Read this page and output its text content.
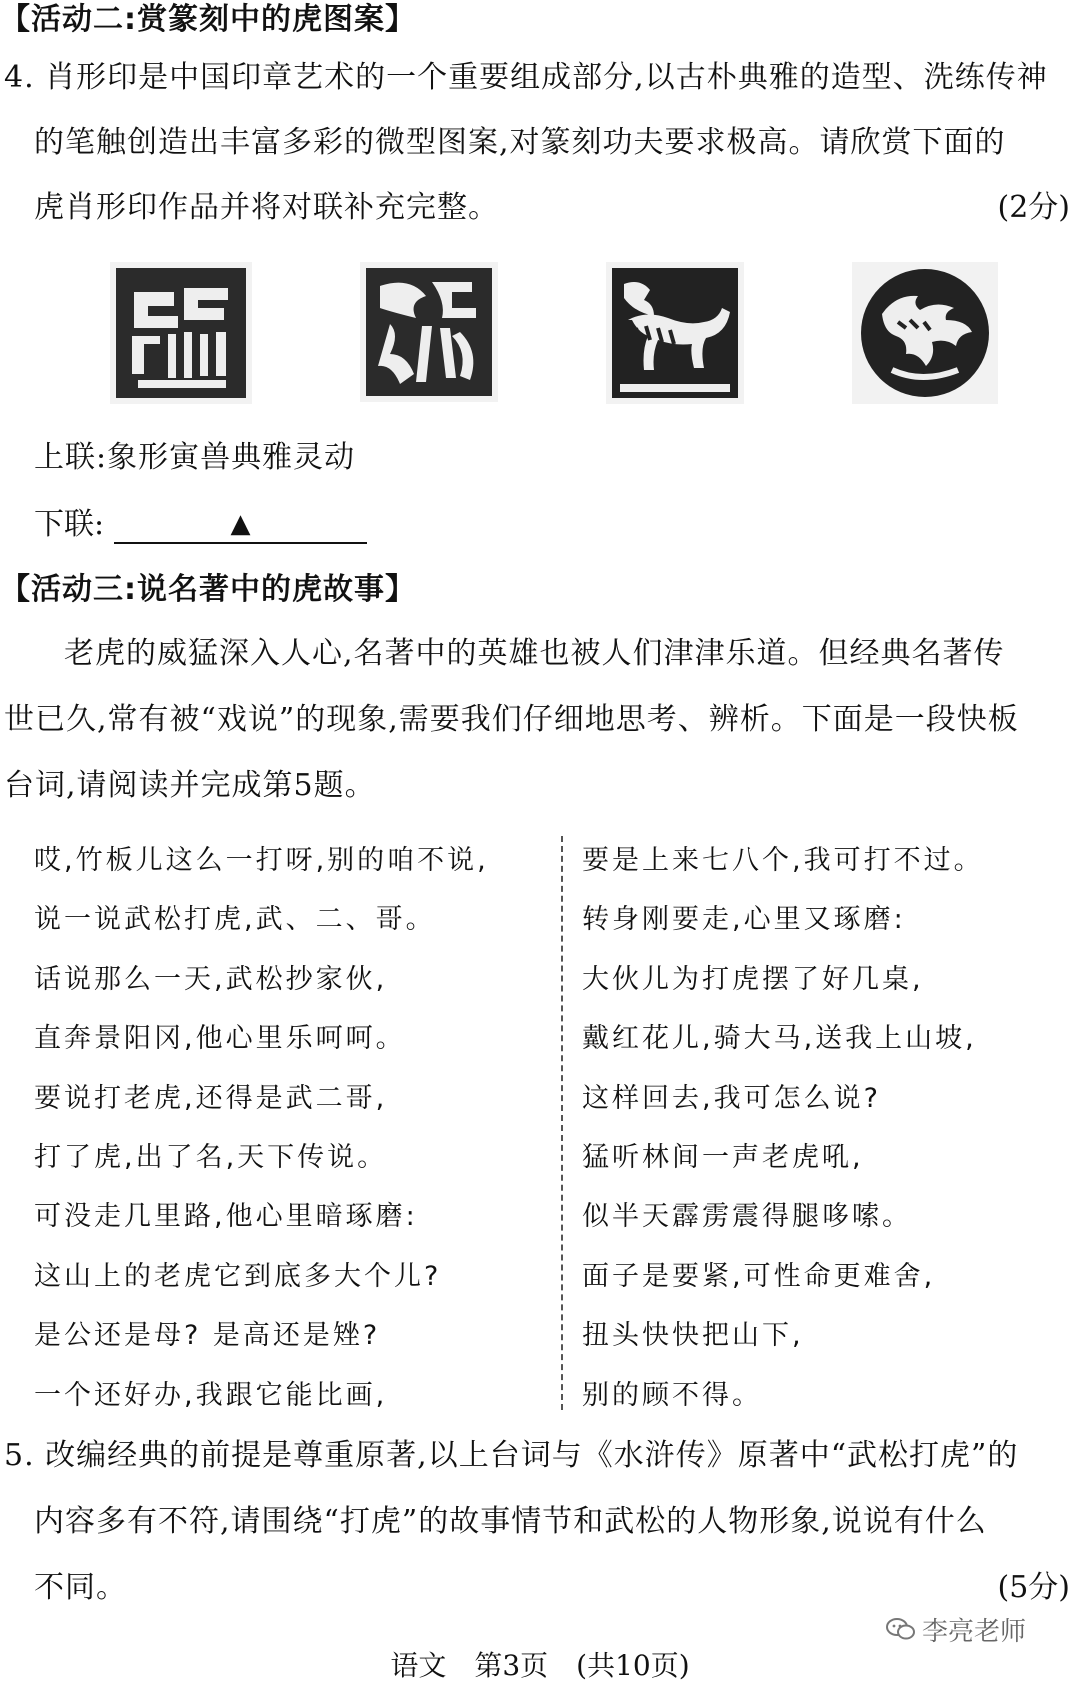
【活动二:赏篆刻中的虎图案】
4. 肖形印是中国印章艺术的一个重要组成部分,以古朴典雅的造型、洗练传神
的笔触创造出丰富多彩的微型图案,对篆刻功夫要求极高。请欣赏下面的
虎肖形印作品并将对联补充完整。	(2分)
上联:象形寅兽典雅灵动
下联:	▲
【活动三:说名著中的虎故事】
老虎的威猛深入人心,名著中的英雄也被人们津津乐道。但经典名著传
世已久,常有被“戏说”的现象,需要我们仔细地思考、辨析。下面是一段快板
台词,请阅读并完成第5题。
哎,竹板儿这么一打呀,别的咱不说,
说一说武松打虎,武、二、哥。
话说那么一天,武松抄家伙,
直奔景阳冈,他心里乐呵呵。
要说打老虎,还得是武二哥,
打了虎,出了名,天下传说。
可没走几里路,他心里暗琢磨:
这山上的老虎它到底多大个儿?
是公还是母? 是高还是矬?
一个还好办,我跟它能比画,
要是上来七八个,我可打不过。
转身刚要走,心里又琢磨:
大伙儿为打虎摆了好几桌,
戴红花儿,骑大马,送我上山坡,
这样回去,我可怎么说?
猛听林间一声老虎吼,
似半天霹雳震得腿哆嗦。
面子是要紧,可性命更难舍,
扭头快快把山下,
别的顾不得。
5. 改编经典的前提是尊重原著,以上台词与《水浒传》原著中“武松打虎”的
内容多有不符,请围绕“打虎”的故事情节和武松的人物形象,说说有什么
不同。	(5分)
李亮老师
语文　第3页　(共10页)
